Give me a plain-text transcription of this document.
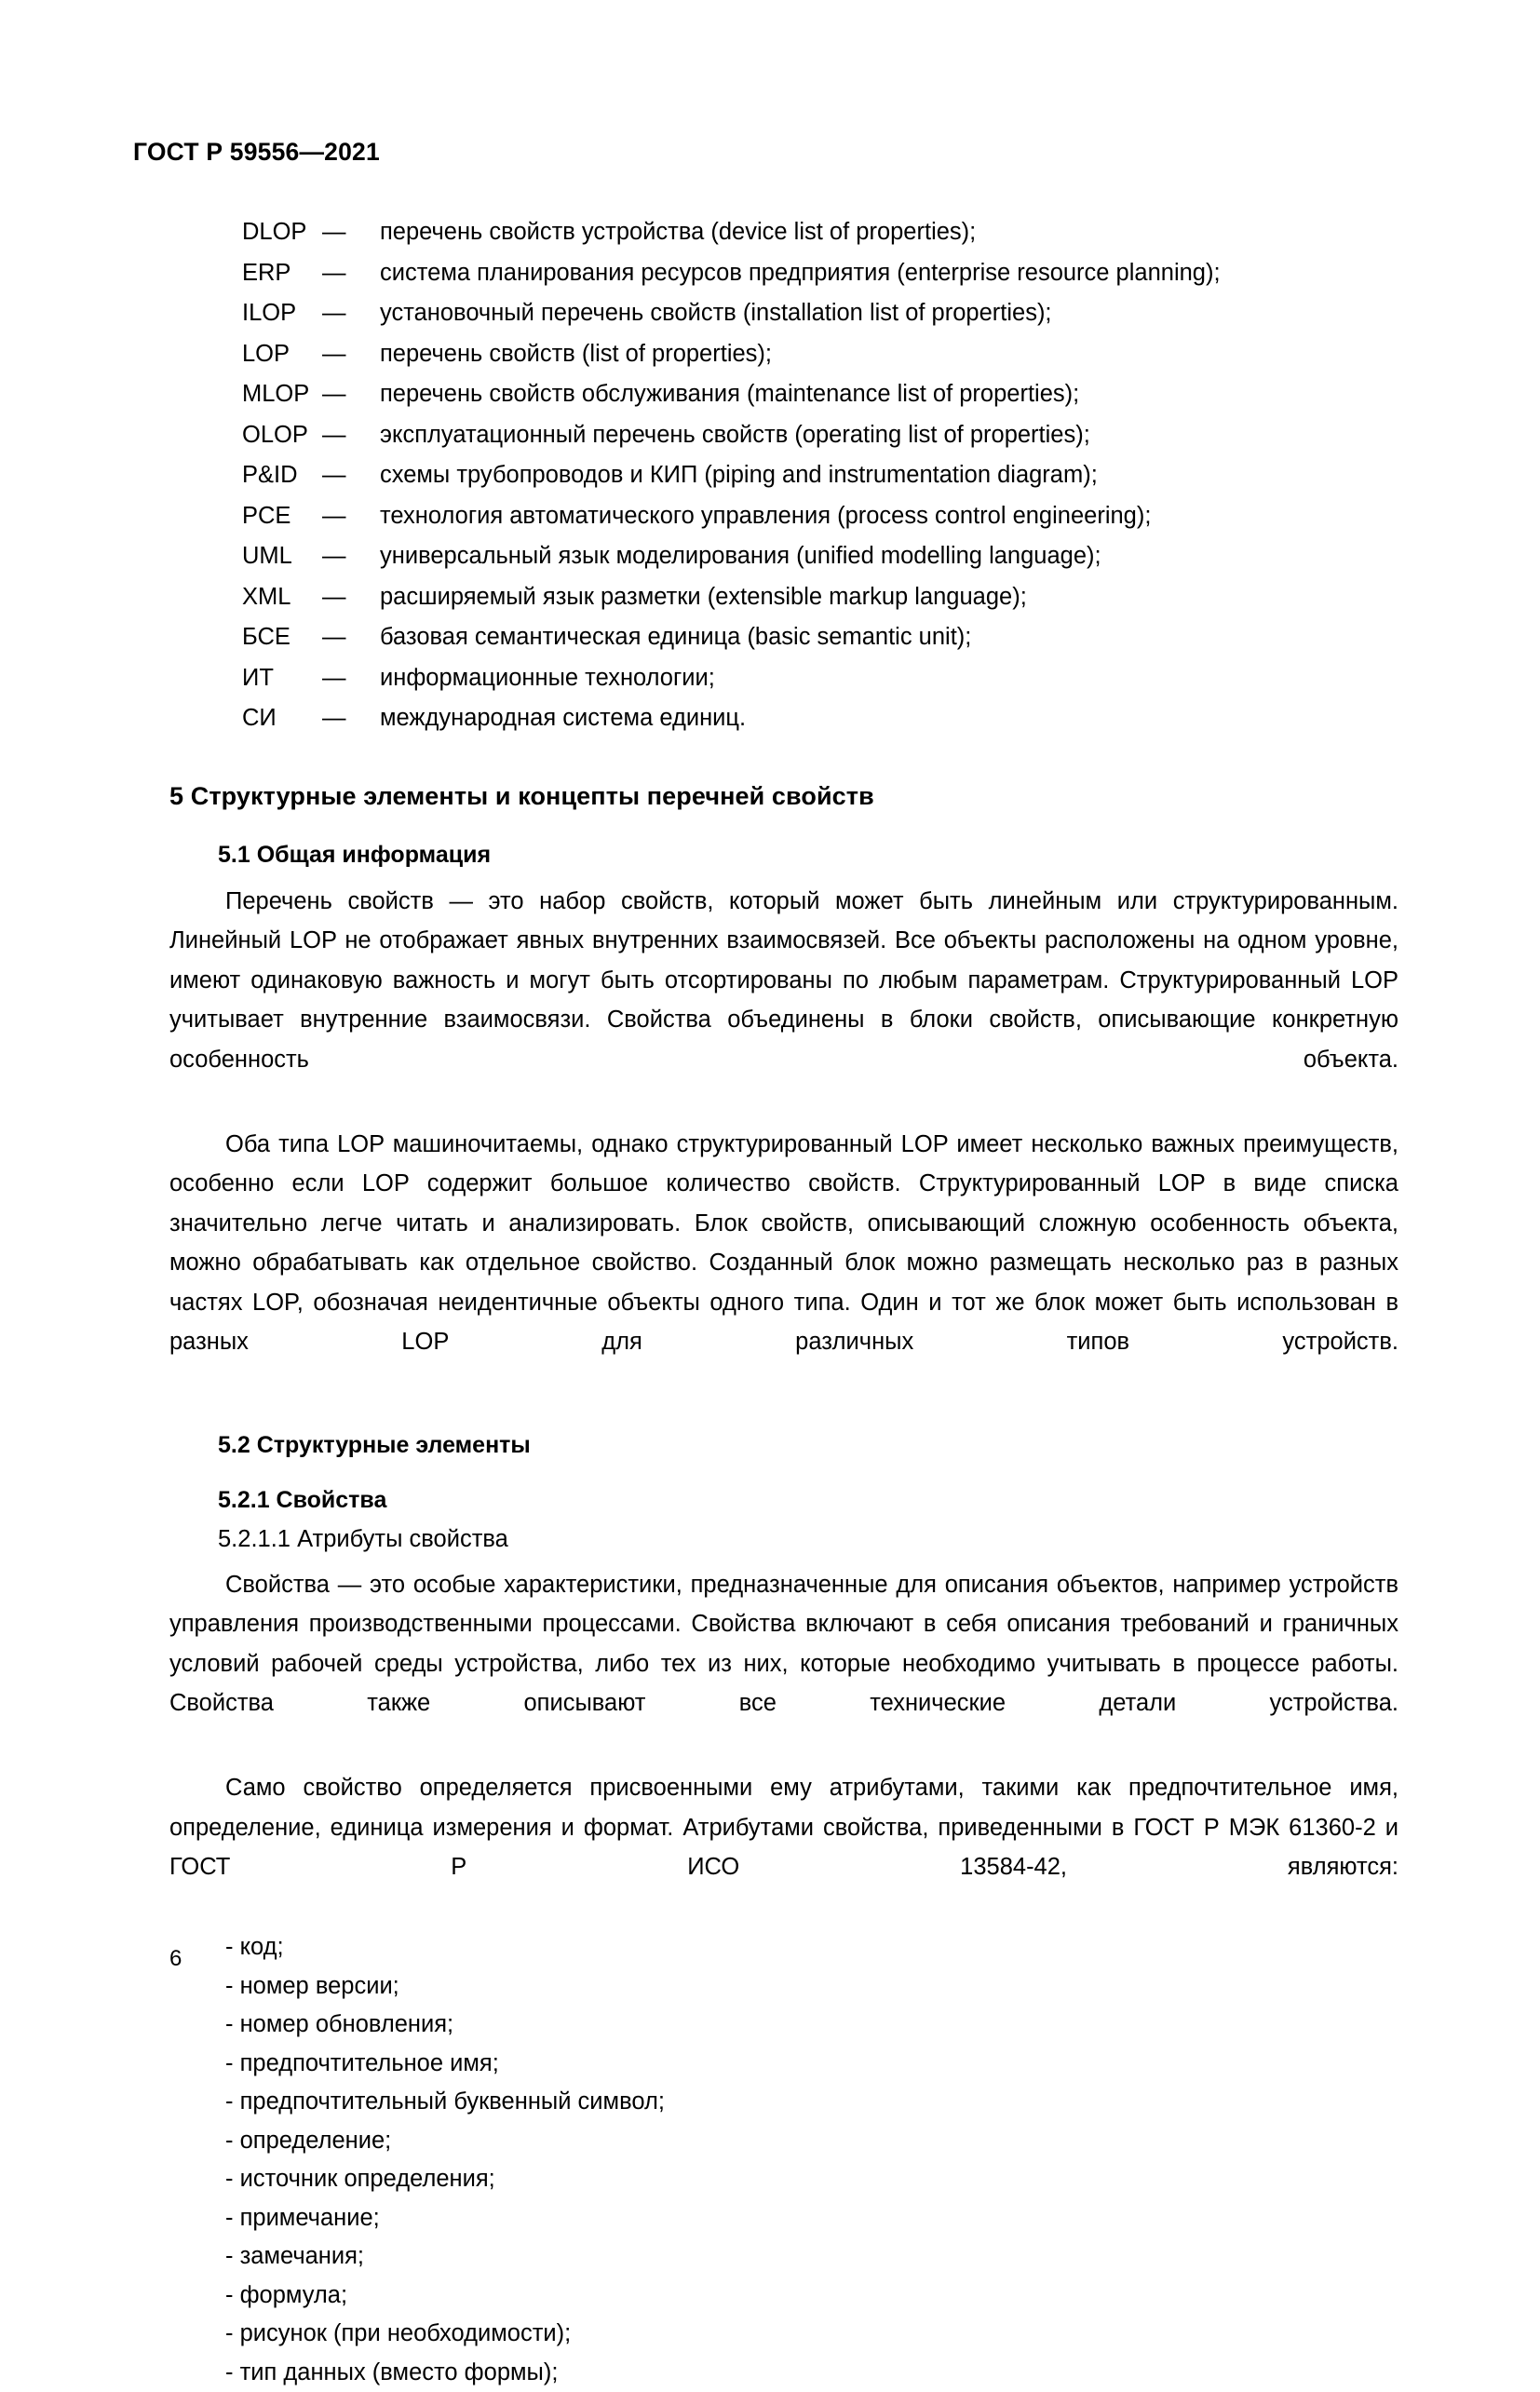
ГОСТ Р 59556—2021
DLOP —	перечень свойств устройства (device list of properties);
ERP	—	система планирования ресурсов предприятия (enterprise resource planning);
ILOP	—	установочный перечень свойств (installation list of properties);
LOP	—	перечень свойств (list of properties);
MLOP —	перечень свойств обслуживания (maintenance list of properties);
OLOP —	эксплуатационный перечень свойств (operating list of properties);
P&ID	—	схемы трубопроводов и КИП (piping and instrumentation diagram);
PCE	—	технология автоматического управления (process control engineering);
UML	—	универсальный язык моделирования (unified modelling language);
XML	—	расширяемый язык разметки (extensible markup language);
БСЕ	—	базовая семантическая единица (basic semantic unit);
ИТ	—	информационные технологии;
СИ	—	международная система единиц.
5 Структурные элементы и концепты перечней свойств
5.1 Общая информация

Перечень свойств — это набор свойств, который может быть линейным или структурированным. Линейный LOP не отображает явных внутренних взаимосвязей. Все объекты расположены на одном уровне, имеют одинаковую важность и могут быть отсортированы по любым параметрам. Структурированный LOP учитывает внутренние взаимосвязи. Свойства объединены в блоки свойств, описывающие конкретную особенность объекта.

Оба типа LOP машиночитаемы, однако структурированный LOP имеет несколько важных преимуществ, особенно если LOP содержит большое количество свойств. Структурированный LOP в виде списка значительно легче читать и анализировать. Блок свойств, описывающий сложную особенность объекта, можно обрабатывать как отдельное свойство. Созданный блок можно размещать несколько раз в разных частях LOP, обозначая неидентичные объекты одного типа. Один и тот же блок может быть использован в разных LOP для различных типов устройств.

5.2 Структурные элементы
5.2.1 Свойства

5.2.1.1 Атрибуты свойства

Свойства — это особые характеристики, предназначенные для описания объектов, например устройств управления производственными процессами. Свойства включают в себя описания требований и граничных условий рабочей среды устройства, либо тех из них, которые необходимо учитывать в процессе работы. Свойства также описывают все технические детали устройства.

Само свойство определяется присвоенными ему атрибутами, такими как предпочтительное имя, определение, единица измерения и формат. Атрибутами свойства, приведенными в ГОСТ Р МЭК 61360-2 и ГОСТ Р ИСО 13584-42, являются:

- код;
- номер версии;
- номер обновления;
- предпочтительное имя;
- предпочтительный буквенный символ;
- определение;
- источник определения;
- примечание;
- замечания;
- формула;
- рисунок (при необходимости);
- тип данных (вместо формы);
6
